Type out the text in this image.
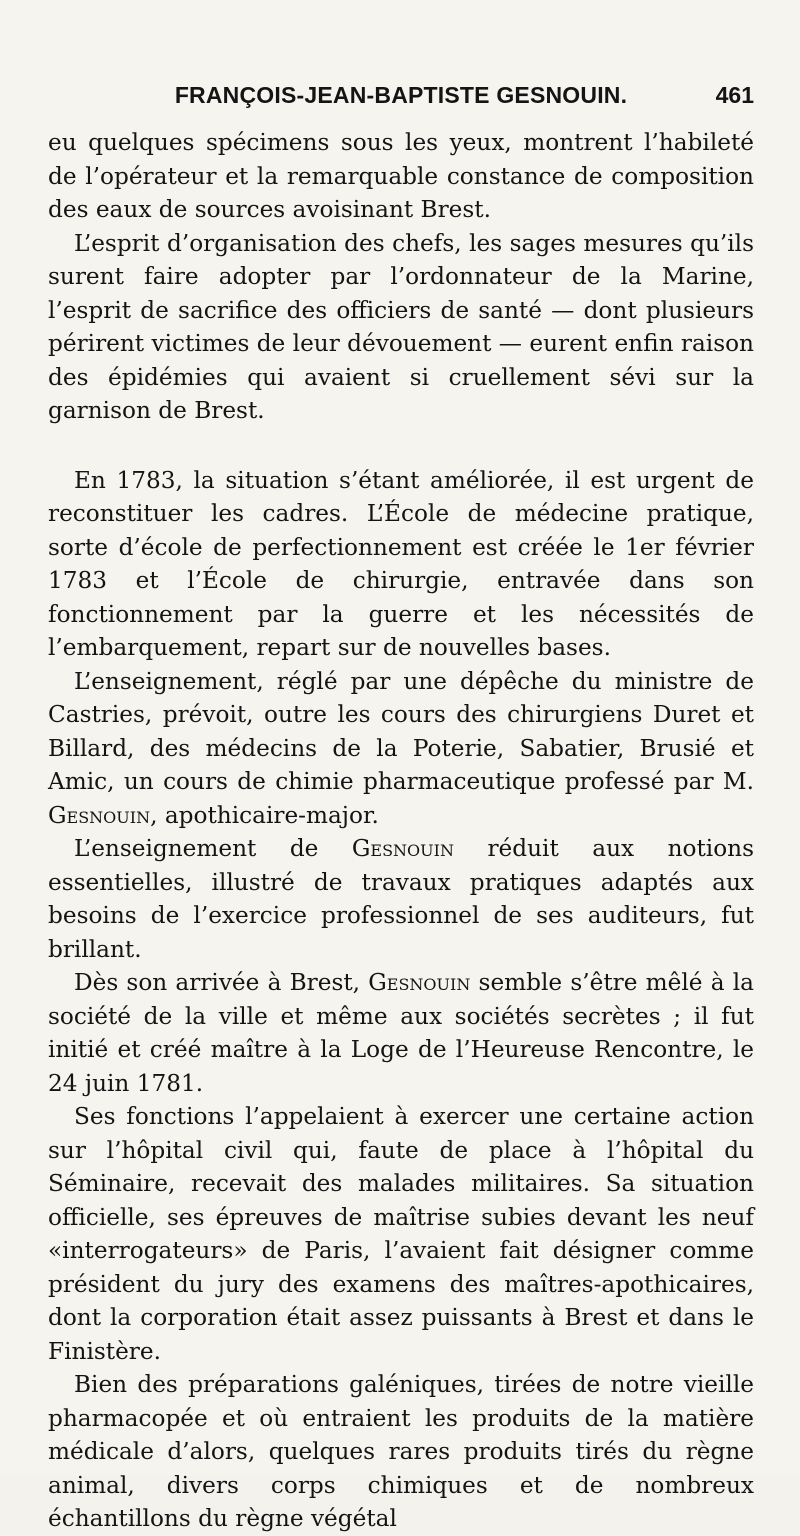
FRANÇOIS-JEAN-BAPTISTE GESNOUIN.	461

eu quelques spécimens sous les yeux, montrent l’habileté de l’opérateur et la remarquable constance de composition des eaux de sources avoisinant Brest.

L’esprit d’organisation des chefs, les sages mesures qu’ils surent faire adopter par l’ordonnateur de la Marine, l’esprit de sacrifice des officiers de santé — dont plusieurs périrent victimes de leur dévouement — eurent enfin raison des épidémies qui avaient si cruellement sévi sur la garnison de Brest.

En 1783, la situation s’étant améliorée, il est urgent de reconstituer les cadres. L’École de médecine pratique, sorte d’école de perfectionnement est créée le 1er février 1783 et l’École de chirurgie, entravée dans son fonctionnement par la guerre et les nécessités de l’embarquement, repart sur de nouvelles bases.

L’enseignement, réglé par une dépêche du ministre de Castries, prévoit, outre les cours des chirurgiens Duret et Billard, des médecins de la Poterie, Sabatier, Brusié et Amic, un cours de chimie pharmaceutique professé par M. Gesnouin, apothicaire-major.

L’enseignement de Gesnouin réduit aux notions essentielles, illustré de travaux pratiques adaptés aux besoins de l’exercice professionnel de ses auditeurs, fut brillant.

Dès son arrivée à Brest, Gesnouin semble s’être mêlé à la société de la ville et même aux sociétés secrètes ; il fut initié et créé maître à la Loge de l’Heureuse Rencontre, le 24 juin 1781.

Ses fonctions l’appelaient à exercer une certaine action sur l’hôpital civil qui, faute de place à l’hôpital du Séminaire, recevait des malades militaires. Sa situation officielle, ses épreuves de maîtrise subies devant les neuf «interrogateurs» de Paris, l’avaient fait désigner comme président du jury des examens des maîtres-apothicaires, dont la corporation était assez puissants à Brest et dans le Finistère.

Bien des préparations galéniques, tirées de notre vieille pharmacopée et où entraient les produits de la matière médicale d’alors, quelques rares produits tirés du règne animal, divers corps chimiques et de nombreux échantillons du règne végétal
